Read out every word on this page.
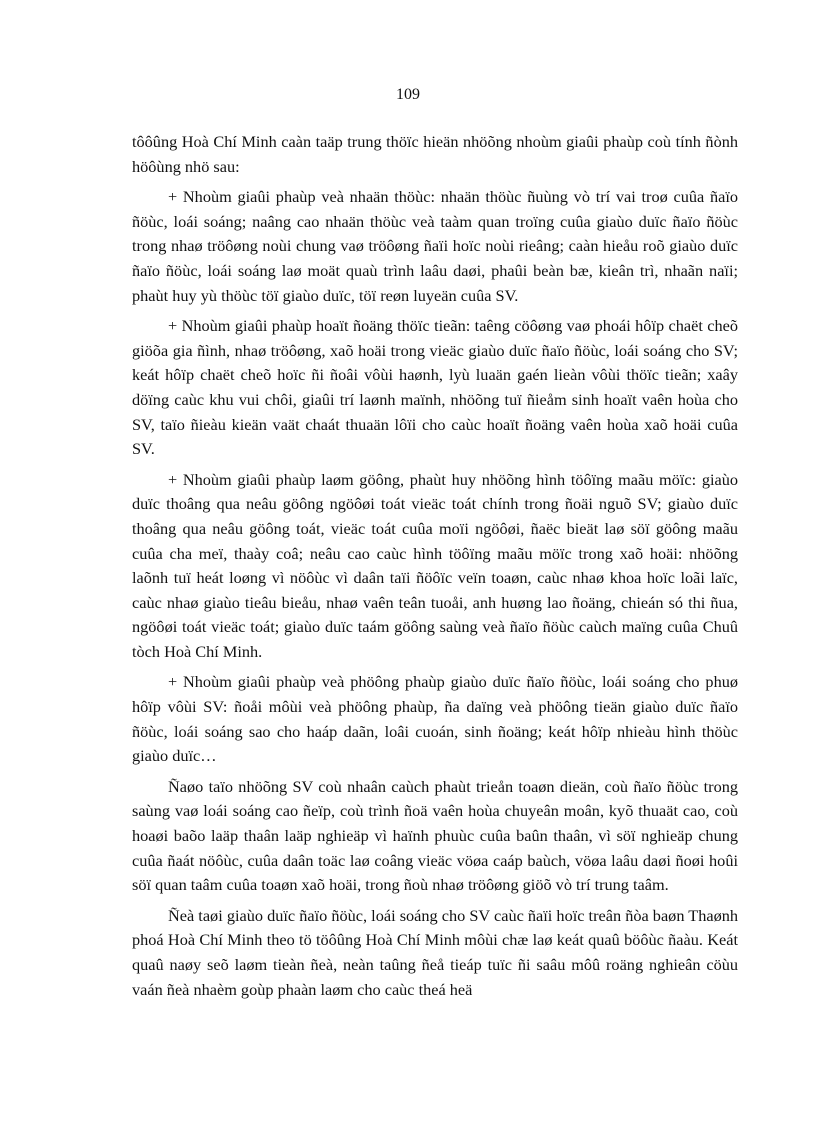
109

tôôûng Hoà Chí Minh caàn taäp trung thöïc hieän nhöõng nhoùm giaûi phaùp coù tính ñònh höôùng nhö sau:

+ Nhoùm giaûi phaùp veà nhaän thöùc: nhaän thöùc ñuùng vò trí vai troø cuûa ñaïo ñöùc, loái soáng; naâng cao nhaän thöùc veà taàm quan troïng cuûa giaùo duïc ñaïo ñöùc trong nhaø tröôøng noùi chung vaø tröôøng ñaïi hoïc noùi rieâng; caàn hieåu roõ giaùo duïc ñaïo ñöùc, loái soáng laø moät quaù trình laâu daøi, phaûi beàn bæ, kieân trì, nhaãn naïi; phaùt huy yù thöùc töï giaùo duïc, töï reøn luyeän cuûa SV.

+ Nhoùm giaûi phaùp hoaït ñoäng thöïc tieãn: taêng cöôøng vaø phoái hôïp chaët cheõ giöõa gia ñình, nhaø tröôøng, xaõ hoäi trong vieäc giaùo duïc ñaïo ñöùc, loái soáng cho SV; keát hôïp chaët cheõ hoïc ñi ñoâi vôùi haønh, lyù luaän gaén lieàn vôùi thöïc tieãn; xaây döïng caùc khu vui chôi, giaûi trí laønh maïnh, nhöõng tuï ñieåm sinh hoaït vaên hoùa cho SV, taïo ñieàu kieän vaät chaát thuaän lôïi cho caùc hoaït ñoäng vaên hoùa xaõ hoäi cuûa SV.

+ Nhoùm giaûi phaùp laøm göông, phaùt huy nhöõng hình töôïng maãu möïc: giaùo duïc thoâng qua neâu göông ngöôøi toát vieäc toát chính trong ñoäi nguõ SV; giaùo duïc thoâng qua neâu göông toát, vieäc toát cuûa moïi ngöôøi, ñaëc bieät laø söï göông maãu cuûa cha meï, thaày coâ; neâu cao caùc hình töôïng maãu möïc trong xaõ hoäi: nhöõng laõnh tuï heát loøng vì nöôùc vì daân taïi ñöôïc veïn toaøn, caùc nhaø khoa hoïc loãi laïc, caùc nhaø giaùo tieâu bieåu, nhaø vaên teân tuoåi, anh huøng lao ñoäng, chieán só thi ñua, ngöôøi toát vieäc toát; giaùo duïc taám göông saùng veà ñaïo ñöùc caùch maïng cuûa Chuû tòch Hoà Chí Minh.

+ Nhoùm giaûi phaùp veà phöông phaùp giaùo duïc ñaïo ñöùc, loái soáng cho phuø hôïp vôùi SV: ñoåi môùi veà phöông phaùp, ña daïng veà phöông tieän giaùo duïc ñaïo ñöùc, loái soáng sao cho haáp daãn, loâi cuoán, sinh ñoäng; keát hôïp nhieàu hình thöùc giaùo duïc…

Ñaøo taïo nhöõng SV coù nhaân caùch phaùt trieån toaøn dieän, coù ñaïo ñöùc trong saùng vaø loái soáng cao ñeïp, coù trình ñoä vaên hoùa chuyeân moân, kyõ thuaät cao, coù hoaøi baõo laäp thaân laäp nghieäp vì haïnh phuùc cuûa baûn thaân, vì söï nghieäp chung cuûa ñaát nöôùc, cuûa daân toäc laø coâng vieäc vöøa caáp baùch, vöøa laâu daøi ñoøi hoûi söï quan taâm cuûa toaøn xaõ hoäi, trong ñoù nhaø tröôøng giöõ vò trí trung taâm.

Ñeà taøi giaùo duïc ñaïo ñöùc, loái soáng cho SV caùc ñaïi hoïc treân ñòa baøn Thaønh phoá Hoà Chí Minh theo tö töôûng Hoà Chí Minh môùi chæ laø keát quaû böôùc ñaàu. Keát quaû naøy seõ laøm tieàn ñeà, neàn taûng ñeå tieáp tuïc ñi saâu môû roäng nghieân cöùu vaán ñeà nhaèm goùp phaàn laøm cho caùc theá heä
